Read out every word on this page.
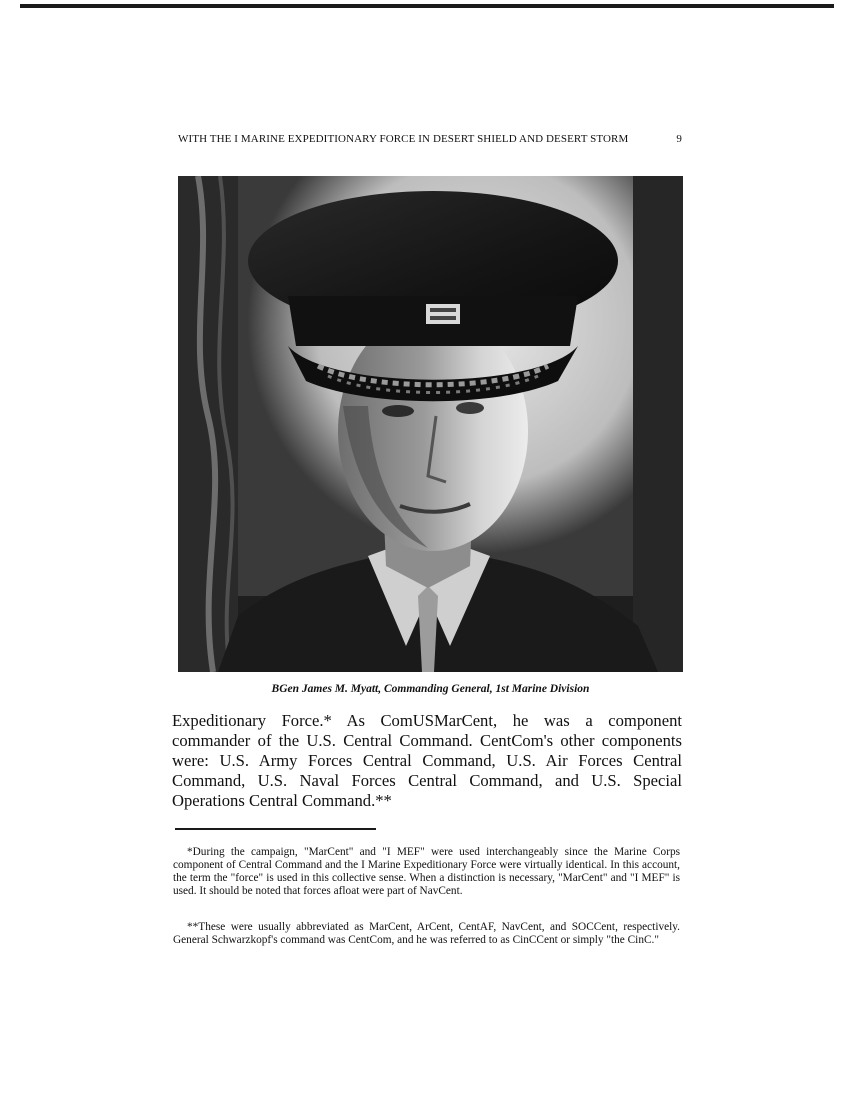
WITH THE I MARINE EXPEDITIONARY FORCE IN DESERT SHIELD AND DESERT STORM	9
BGen James M. Myatt, Commanding General, 1st Marine Division

Expeditionary Force.* As ComUSMarCent, he was a component commander of the U.S. Central Command. CentCom's other components were: U.S. Army Forces Central Command, U.S. Air Forces Central Command, U.S. Naval Forces Central Command, and U.S. Special Operations Central Command.**

*During the campaign, "MarCent" and "I MEF" were used interchangeably since the Marine Corps component of Central Command and the I Marine Expeditionary Force were virtually identical. In this account, the term the "force" is used in this collective sense. When a distinction is necessary, "MarCent" and "I MEF" is used. It should be noted that forces afloat were part of NavCent.

**These were usually abbreviated as MarCent, ArCent, CentAF, NavCent, and SOCCent, respectively. General Schwarzkopf's command was CentCom, and he was referred to as CinCCent or simply "the CinC."
